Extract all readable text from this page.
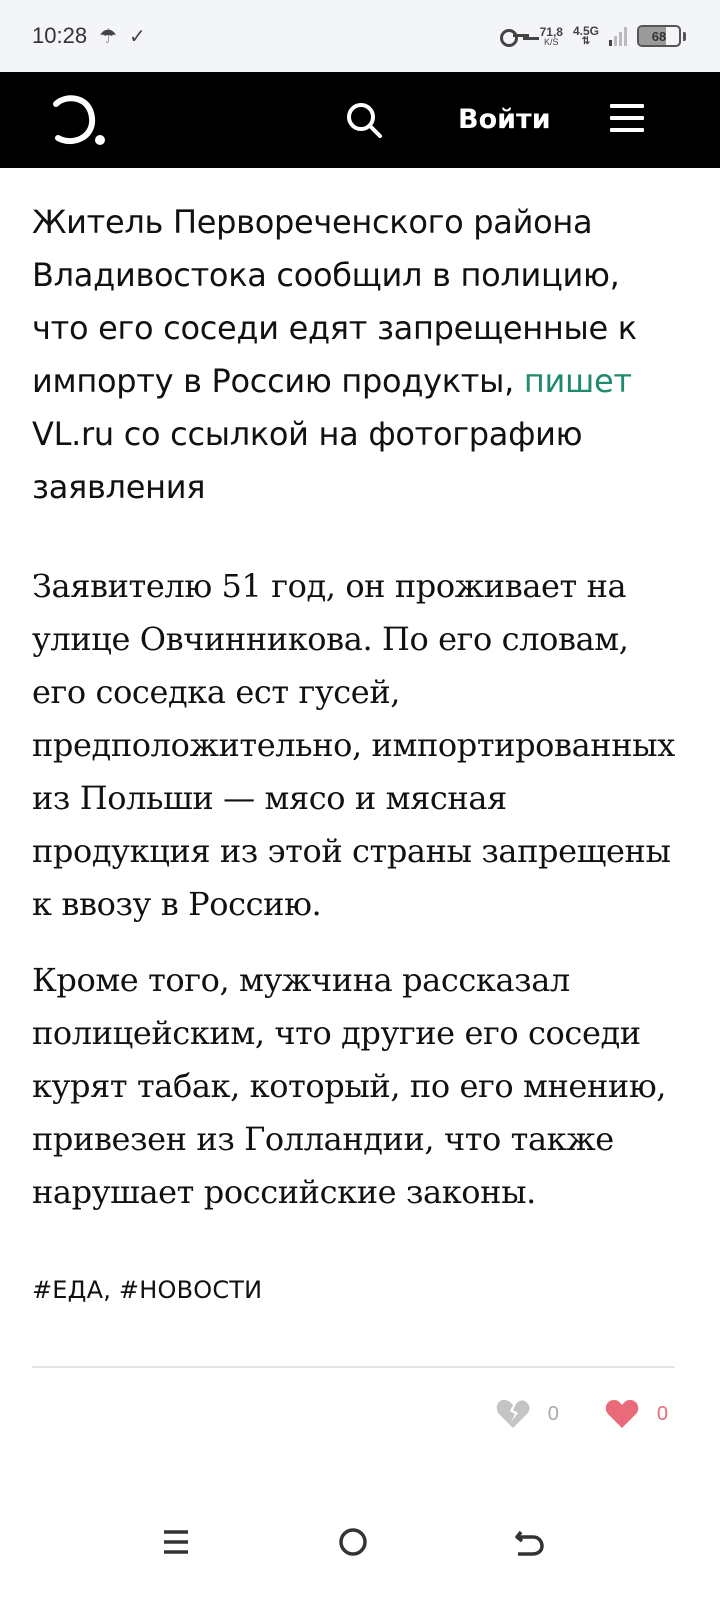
10:28 ☂ ✓	71,8
K/S
4.5G
⇅	68
Войти

Житель Первореченского района Владивостока сообщил в полицию, что его соседи едят запрещенные к импорту в Россию продукты, пишет VL.ru со ссылкой на фотографию заявления

Заявителю 51 год, он проживает на улице Овчинникова. По его словам, его соседка ест гусей, предположительно, импортированных из Польши — мясо и мясная продукция из этой страны запрещены к ввозу в Россию.

Кроме того, мужчина рассказал полицейским, что другие его соседи курят табак, который, по его мнению, привезен из Голландии, что также нарушает российские законы.

#ЕДА, #НОВОСТИ
0	0
